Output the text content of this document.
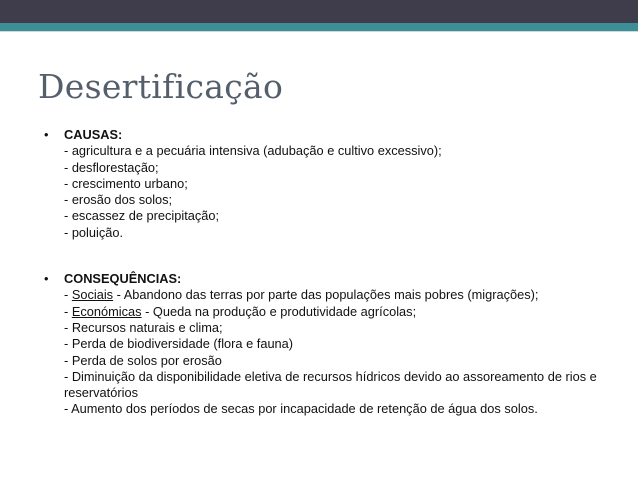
Desertificação
• CAUSAS:
- agricultura e a pecuária intensiva (adubação e cultivo excessivo);
- desflorestação;
- crescimento urbano;
- erosão dos solos;
- escassez de precipitação;
- poluição.
• CONSEQUÊNCIAS:
- Sociais - Abandono das terras por parte das populações mais pobres (migrações);
- Económicas - Queda na produção e produtividade agrícolas;
- Recursos naturais e clima;
- Perda de biodiversidade (flora e fauna)
- Perda de solos por erosão
- Diminuição da disponibilidade eletiva de recursos hídricos devido ao assoreamento de rios e reservatórios
- Aumento dos períodos de secas por incapacidade de retenção de água dos solos.
